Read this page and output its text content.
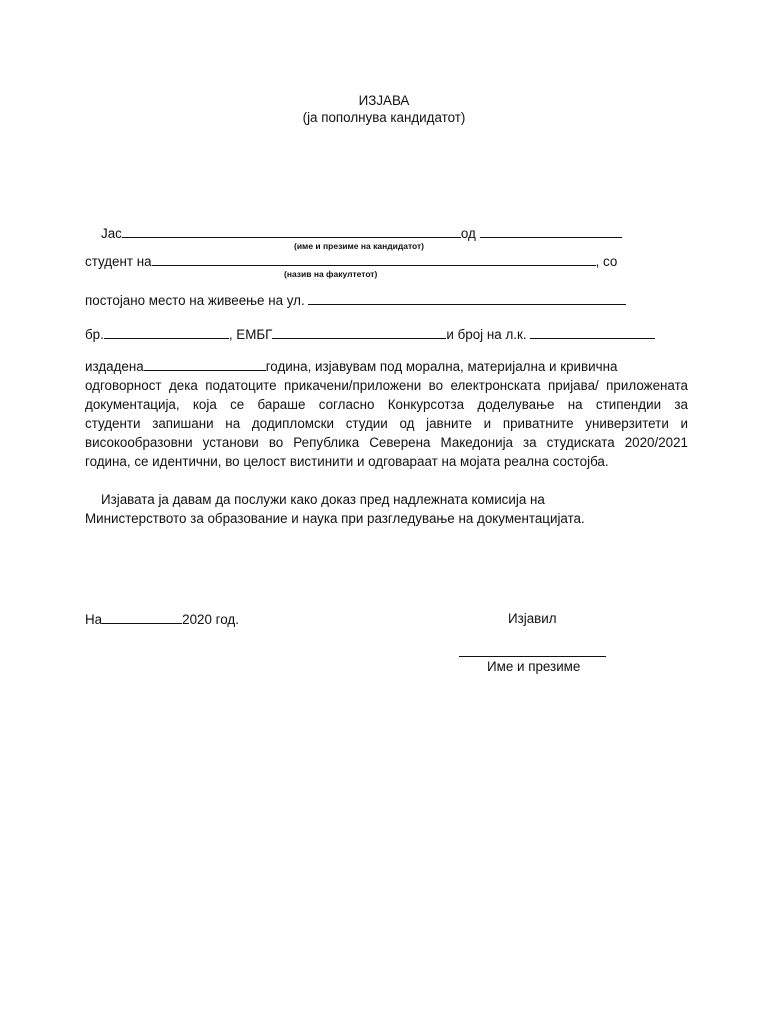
ИЗЈАВА
(ја пополнува кандидатот)
Јас	од
(име и презиме на кандидатот)
студент на	, со
(назив на факултетот)
постојано место на живеење на ул.
бр.	, ЕМБГ	и број на л.к.
издадена	година, изјавувам под моралнa, материјална и кривична
одговорност дека податоците прикачени/приложени во електронската пријава/ приложената
документација, која се бараше согласно Конкурсотза доделување на стипендии за
студенти запишани на додипломски студии од јавните и приватните универзитети и
високообразовни установи во Република Северена Македонија за студиската 2020/2021
година, се идентични, во целост вистинити и одговараат на мојата реална состојба.
Изјавата ја давам да послужи како доказ пред надлежната комисија на
Министерството за образование и наука при разгледување на документацијата.
На	2020 год.	Изјавил
Име и презиме
